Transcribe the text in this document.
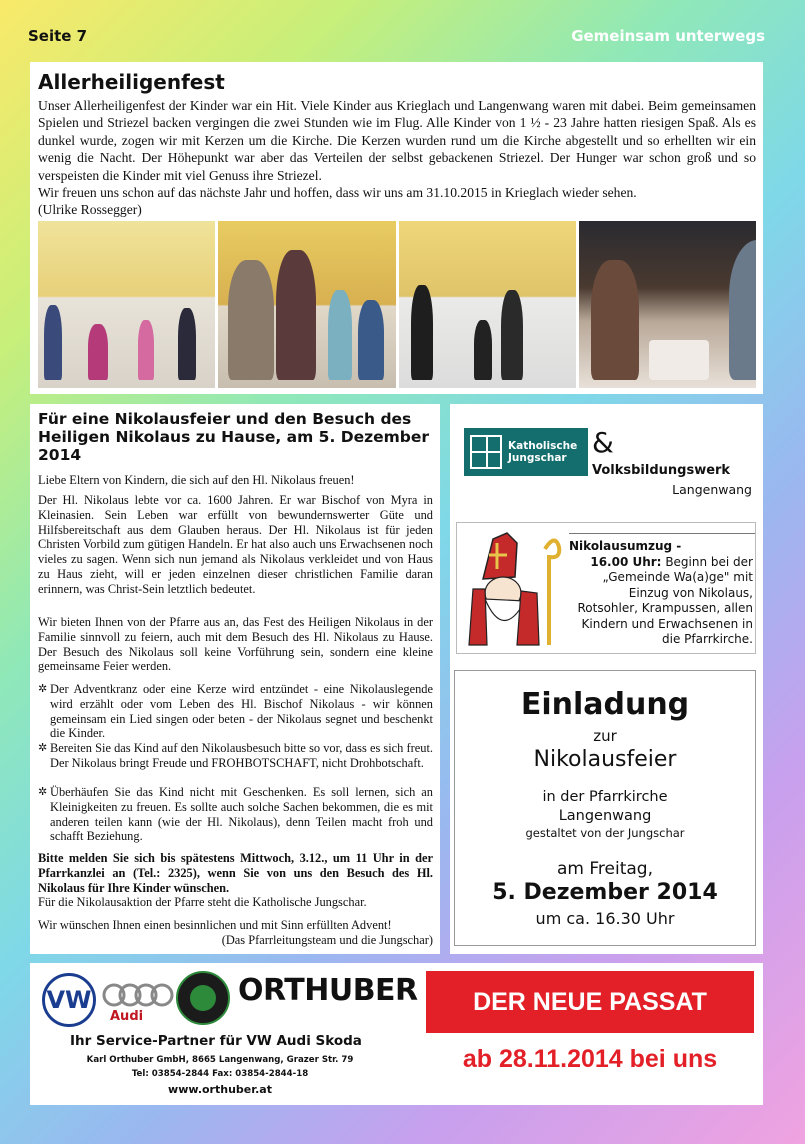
Seite 7	Gemeinsam unterwegs
Allerheiligenfest
Unser Allerheiligenfest der Kinder war ein Hit. Viele Kinder aus Krieglach und Langenwang waren mit dabei. Beim gemeinsamen Spielen und Striezel backen vergingen die zwei Stunden wie im Flug. Alle Kinder von 1 ½ - 23 Jahre hatten riesigen Spaß. Als es dunkel wurde, zogen wir mit Kerzen um die Kirche. Die Kerzen wurden rund um die Kirche abgestellt und so erhellten wir ein wenig die Nacht. Der Höhepunkt war aber das Verteilen der selbst gebackenen Striezel. Der Hunger war schon groß und so verspeisten die Kinder mit viel Genuss ihre Striezel.
Wir freuen uns schon auf das nächste Jahr und hoffen, dass wir uns am 31.10.2015 in Krieglach wieder sehen.
(Ulrike Rossegger)
Für eine Nikolausfeier und den Besuch des Heiligen Nikolaus zu Hause, am 5. Dezember 2014
Liebe Eltern von Kindern, die sich auf den Hl. Nikolaus freuen!
Der Hl. Nikolaus lebte vor ca. 1600 Jahren. Er war Bischof von Myra in Kleinasien. Sein Leben war erfüllt von bewundernswerter Güte und Hilfsbereitschaft aus dem Glauben heraus. Der Hl. Nikolaus ist für jeden Christen Vorbild zum gütigen Handeln. Er hat also auch uns Erwachsenen noch vieles zu sagen. Wenn sich nun jemand als Nikolaus verkleidet und von Haus zu Haus zieht, will er jeden einzelnen dieser christlichen Familie daran erinnern, was Christ-Sein letztlich bedeutet.
Wir bieten Ihnen von der Pfarre aus an, das Fest des Heiligen Nikolaus in der Familie sinnvoll zu feiern, auch mit dem Besuch des Hl. Nikolaus zu Hause. Der Besuch des Nikolaus soll keine Vorführung sein, sondern eine kleine gemeinsame Feier werden.
✲ Der Adventkranz oder eine Kerze wird entzündet - eine Nikolauslegende wird erzählt oder vom Leben des Hl. Bischof Nikolaus - wir können gemeinsam ein Lied singen oder beten - der Nikolaus segnet und beschenkt die Kinder.
✲ Bereiten Sie das Kind auf den Nikolausbesuch bitte so vor, dass es sich freut. Der Nikolaus bringt Freude und FROHBOTSCHAFT, nicht Drohbotschaft.
✲ Überhäufen Sie das Kind nicht mit Geschenken. Es soll lernen, sich an Kleinigkeiten zu freuen. Es sollte auch solche Sachen bekommen, die es mit anderen teilen kann (wie der Hl. Nikolaus), denn Teilen macht froh und schafft Beziehung.
Bitte melden Sie sich bis spätestens Mittwoch, 3.12., um 11 Uhr in der Pfarrkanzlei an (Tel.: 2325), wenn Sie von uns den Besuch des Hl. Nikolaus für Ihre Kinder wünschen.
Für die Nikolausaktion der Pfarre steht die Katholische Jungschar.
Wir wünschen Ihnen einen besinnlichen und mit Sinn erfüllten Advent!
(Das Pfarrleitungsteam und die Jungschar)
Katholische
Jungschar &
Volksbildungswerk
Langenwang
Nikolausumzug -
16.00 Uhr: Beginn bei der „Gemeinde Wa(a)ge" mit Einzug von Nikolaus, Rotsohler, Krampussen, allen Kindern und Erwachsenen in die Pfarrkirche.
Einladung
zur
Nikolausfeier
in der Pfarrkirche
Langenwang
gestaltet von der Jungschar
am Freitag,
5. Dezember 2014
um ca. 16.30 Uhr
VW
Audi
ORTHUBER
Ihr Service-Partner für VW Audi Skoda
Karl Orthuber GmbH, 8665 Langenwang, Grazer Str. 79
Tel: 03854-2844 Fax: 03854-2844-18
www.orthuber.at
DER NEUE PASSAT
ab 28.11.2014 bei uns
